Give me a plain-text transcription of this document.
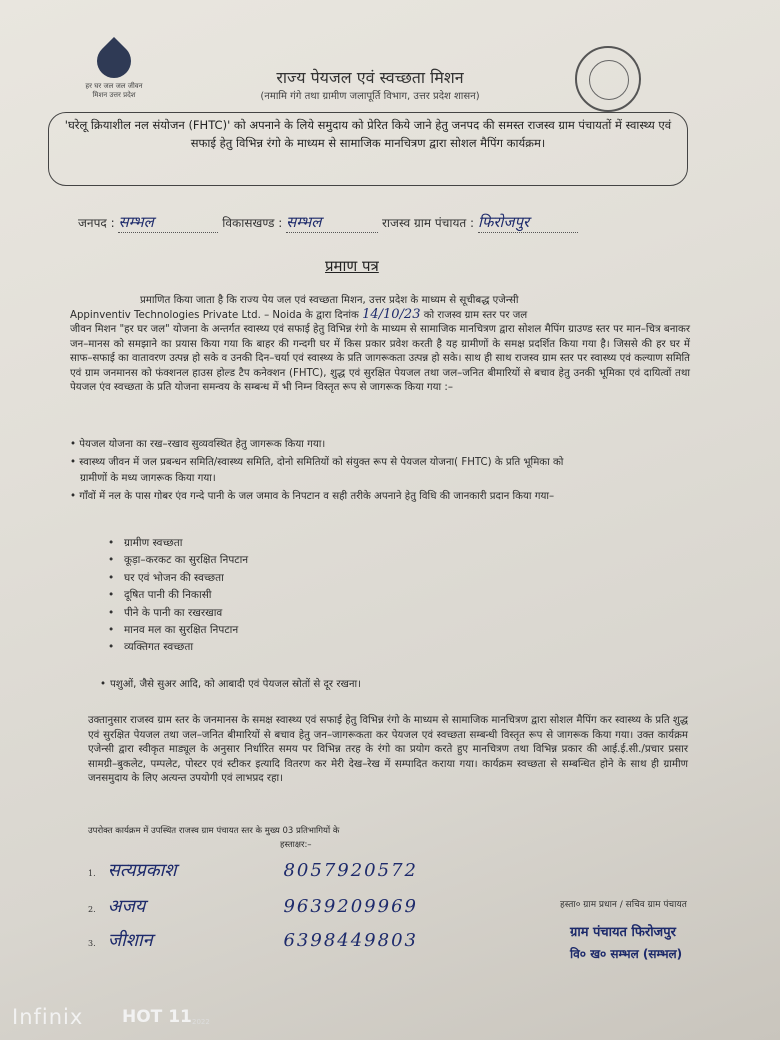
हर घर जल जल जीवन मिशन उत्तर प्रदेश
राज्य पेयजल एवं स्वच्छता मिशन
(नमामि गंगे तथा ग्रामीण जलापूर्ति विभाग, उत्तर प्रदेश शासन)
'घरेलू क्रियाशील नल संयोजन (FHTC)' को अपनाने के लिये समुदाय को प्रेरित किये जाने हेतु जनपद की समस्त राजस्व ग्राम पंचायतों में स्वास्थ्य एवं सफाई हेतु विभिन्न रंगो के माध्यम से सामाजिक मानचित्रण द्वारा सोशल मैपिंग कार्यक्रम।
जनपद : सम्भल	विकासखण्ड : सम्भल	राजस्व ग्राम पंचायत : फिरोजपुर
प्रमाण पत्र
प्रमाणित किया जाता है कि राज्य पेय जल एवं स्वच्छता मिशन, उत्तर प्रदेश के माध्यम से सूचीबद्ध एजेन्सी
Appinventiv Technologies Private Ltd. – Noida के द्वारा दिनांक 14/10/23 को राजस्व ग्राम स्तर पर जल
जीवन मिशन "हर घर जल" योजना के अन्तर्गत स्वास्थ्य एवं सफाई हेतु विभिन्न रंगो के माध्यम से सामाजिक मानचित्रण द्वारा सोशल मैपिंग ग्राउण्ड स्तर पर मान–चित्र बनाकर जन–मानस को समझाने का प्रयास किया गया कि बाहर की गन्दगी घर में किस प्रकार प्रवेश करती है यह ग्रामीणों के समक्ष प्रदर्शित किया गया है। जिससे की हर घर में साफ–सफाई का वातावरण उत्पन्न हो सके व उनकी दिन–चर्या एवं स्वास्थ्य के प्रति जागरूकता उत्पन्न हो सके। साथ ही साथ राजस्व ग्राम स्तर पर स्वास्थ्य एवं कल्याण समिति एवं ग्राम जनमानस को फंक्शनल हाउस होल्ड टैप कनेक्शन (FHTC), शुद्ध एवं सुरक्षित पेयजल तथा जल–जनित बीमारियों से बचाव हेतु उनकी भूमिका एवं दायित्वों तथा पेयजल एंव स्वच्छता के प्रति योजना समन्वय के सम्बन्ध में भी निम्न विस्तृत रूप से जागरूक किया गया :–
• पेयजल योजना का रख–रखाव सुव्यवस्थित हेतु जागरूक किया गया।
• स्वास्थ्य जीवन में जल प्रबन्धन समिति/स्वास्थ्य समिति, दोनो समितियों को संयुक्त रूप से पेयजल योजना( FHTC) के प्रति भूमिका को
ग्रामीणों के मध्य जागरूक किया गया।
• गाँवों में नल के पास गोबर एंव गन्दे पानी के जल जमाव के निपटान व सही तरीके अपनाने हेतु विधि की जानकारी प्रदान किया गया–
• ग्रामीण स्वच्छता
• कूड़ा–करकट का सुरक्षित निपटान
• घर एवं भोजन की स्वच्छता
• दूषित पानी की निकासी
• पीने के पानी का रखरखाव
• मानव मल का सुरक्षित निपटान
• व्यक्तिगत स्वच्छता
• पशुओं, जैसे सुअर आदि, को आबादी एवं पेयजल स्रोतों से दूर रखना।
उक्तानुसार राजस्व ग्राम स्तर के जनमानस के समक्ष स्वास्थ्य एवं सफाई हेतु विभिन्न रंगो के माध्यम से सामाजिक मानचित्रण द्वारा सोशल मैपिंग कर स्वास्थ्य के प्रति शुद्ध एवं सुरक्षित पेयजल तथा जल–जनित बीमारियों से बचाव हेतु जन–जागरूकता कर पेयजल एवं स्वच्छता सम्बन्धी विस्तृत रूप से जागरूक किया गया। उक्त कार्यक्रम एजेन्सी द्वारा स्वीकृत माड्यूल के अनुसार निर्धारित समय पर विभिन्न तरह के रंगो का प्रयोग करते हुए मानचित्रण तथा विभिन्न प्रकार की आई.ई.सी./प्रचार प्रसार सामग्री–बुकलेट, पम्पलेट, पोस्टर एवं स्टीकर इत्यादि वितरण कर मेरी देख–रेख में सम्पादित कराया गया। कार्यक्रम स्वच्छता से सम्बन्धित होने के साथ ही ग्रामीण जनसमुदाय के लिए अत्यन्त उपयोगी एवं लाभप्रद रहा।
उपरोक्त कार्यक्रम में उपस्थित राजस्व ग्राम पंचायत स्तर के मुख्य 03 प्रतिभागियों के
हस्ताक्षर:–
1. सत्यप्रकाश	8057920572
2. अजय	9639209969
3. जीशान	6398449803
हस्ता० ग्राम प्रधान / सचिव ग्राम पंचायत
ग्राम पंचायत फिरोजपुर
वि० ख० सम्भल (सम्भल)
Infinix HOT 11 2022
